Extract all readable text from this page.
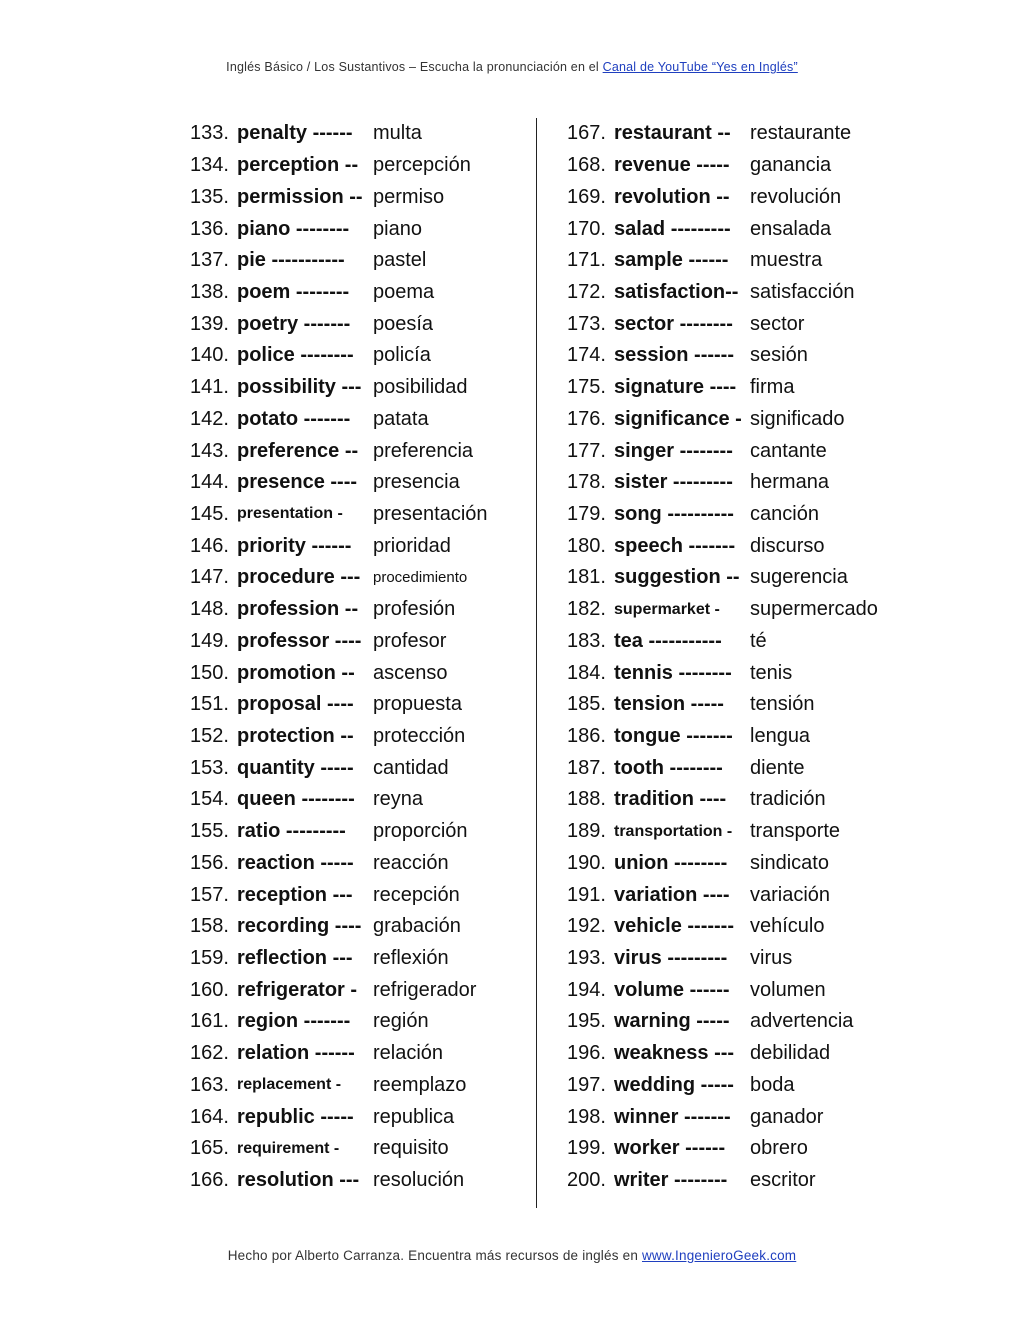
Inglés Básico / Los Sustantivos – Escucha la pronunciación en el Canal de YouTube “Yes en Inglés”
133. penalty ------	multa
134. perception -- percepción
135. permission -- permiso
136. piano --------	piano
137. pie -----------	pastel
138. poem --------	poema
139. poetry -------	poesía
140. police -------- policía
141. possibility --- posibilidad
142. potato -------	patata
143. preference -- preferencia
144. presence ---- presencia
145. presentation -	presentación
146. priority ------	prioridad
147. procedure --- procedimiento
148. profession -- profesión
149. professor ---- profesor
150. promotion -- ascenso
151. proposal ---- propuesta
152. protection -- protección
153. quantity ----- cantidad
154. queen -------- reyna
155. ratio ---------	proporción
156. reaction ----- reacción
157. reception ---	recepción
158. recording ---- grabación
159. reflection ---	reflexión
160. refrigerator - refrigerador
161. region -------	región
162. relation ------ relación
163. replacement -	reemplazo
164. republic ----- republica
165. requirement -	requisito
166. resolution --- resolución
167. restaurant -- restaurante
168. revenue -----	ganancia
169. revolution --	revolución
170. salad --------- ensalada
171. sample ------	muestra
172. satisfaction-- satisfacción
173. sector -------- sector
174. session ------ sesión
175. signature ---- firma
176. significance - significado
177. singer -------- cantante
178. sister --------- hermana
179. song ---------- canción
180. speech ------- discurso
181. suggestion -- sugerencia
182. supermarket -	supermercado
183. tea -----------	té
184. tennis -------- tenis
185. tension -----	tensión
186. tongue ------- lengua
187. tooth --------	diente
188. tradition ----	tradición
189. transportation - transporte
190. union --------	sindicato
191. variation ----	variación
192. vehicle ------- vehículo
193. virus ---------	virus
194. volume ------	volumen
195. warning -----	advertencia
196. weakness --- debilidad
197. wedding ----- boda
198. winner ------- ganador
199. worker ------	obrero
200. writer --------	escritor
Hecho por Alberto Carranza. Encuentra más recursos de inglés en www.IngenieroGeek.com
